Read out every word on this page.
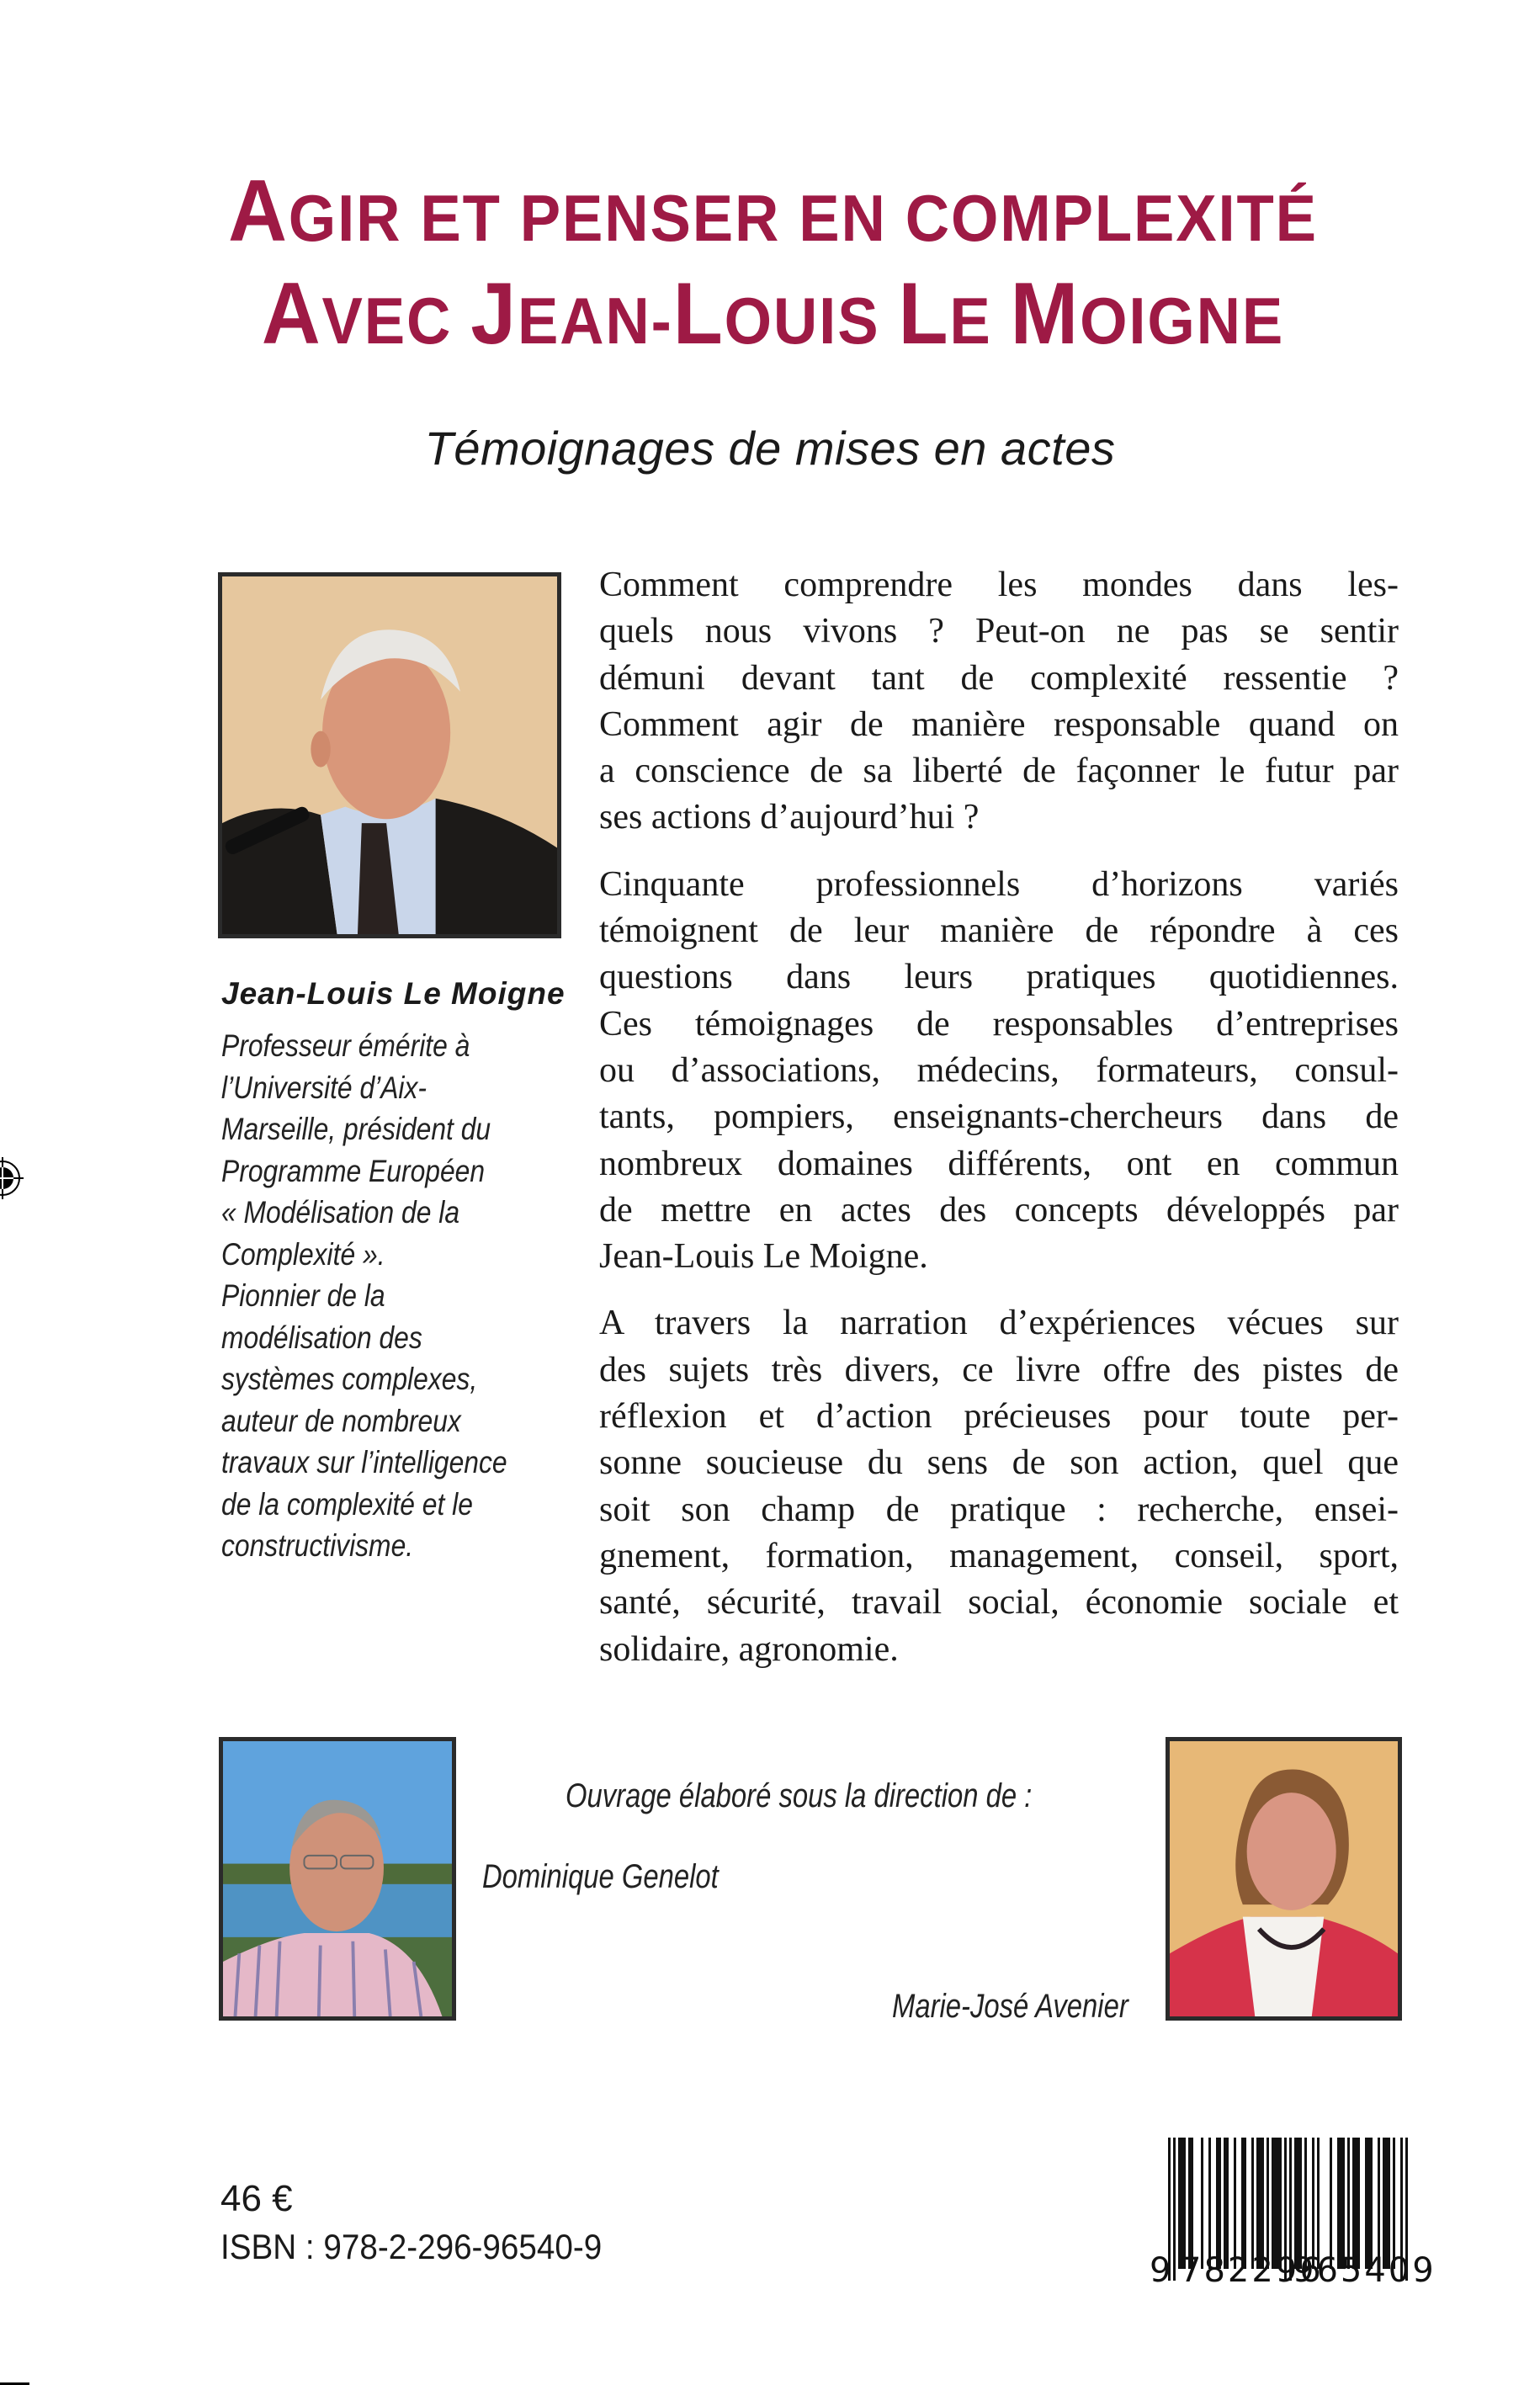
AGIR ET PENSER EN COMPLEXITÉ
AVEC JEAN-LOUIS LE MOIGNE
Témoignages de mises en actes
Jean-Louis Le Moigne
Professeur émérite à
l’Université d’Aix-
Marseille, président du
Programme Européen
« Modélisation de la
Complexité ».
Pionnier de la
modélisation des
systèmes complexes,
auteur de nombreux
travaux sur l’intelligence
de la complexité et le
constructivisme.
Comment comprendre les mondes dans les-
quels nous vivons ? Peut-on ne pas se sentir
démuni devant tant de complexité ressentie ?
Comment agir de manière responsable quand on
a conscience de sa liberté de façonner le futur par
ses actions d’aujourd’hui ?
Cinquante professionnels d’horizons variés
témoignent de leur manière de répondre à ces
questions dans leurs pratiques quotidiennes.
Ces témoignages de responsables d’entreprises
ou d’associations, médecins, formateurs, consul-
tants, pompiers, enseignants-chercheurs dans de
nombreux domaines différents, ont en commun
de mettre en actes des concepts développés par
Jean-Louis Le Moigne.
A travers la narration d’expériences vécues sur
des sujets très divers, ce livre offre des pistes de
réflexion et d’action précieuses pour toute per-
sonne soucieuse du sens de son action, quel que
soit son champ de pratique : recherche, ensei-
gnement, formation, management, conseil, sport,
santé, sécurité, travail social, économie sociale et
solidaire, agronomie.
Ouvrage élaboré sous la direction de :
Dominique Genelot
Marie-José Avenier
46 €
ISBN : 978-2-296-96540-9
9 782296
965409
